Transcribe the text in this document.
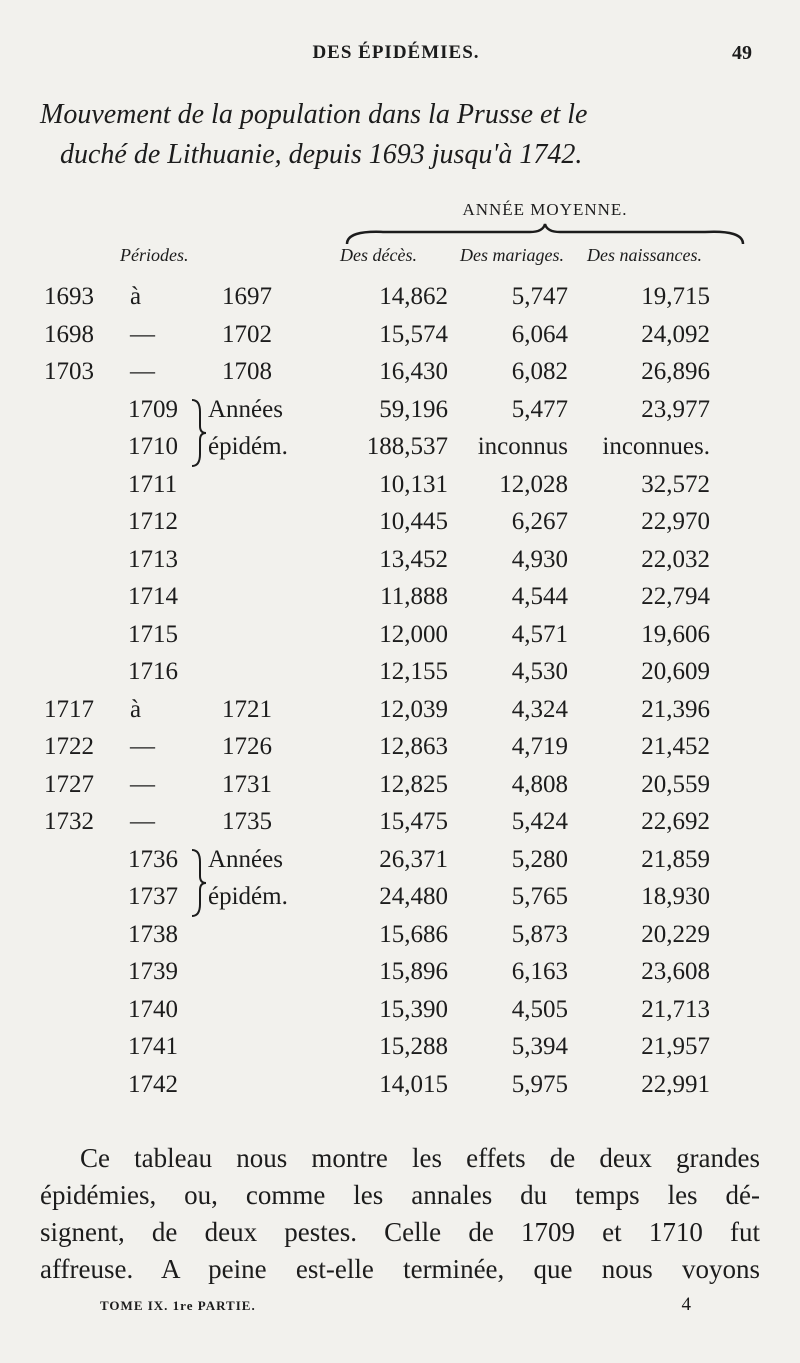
DES ÉPIDÉMIES.	49
Mouvement de la population dans la Prusse et le
duché de Lithuanie, depuis 1693 jusqu'à 1742.
ANNÉE MOYENNE.
Périodes.	Des décès. Des mariages. Des naissances.
1693 à	1697	14,862	5,747	19,715
1698 —	1702	15,574	6,064	24,092
1703 —	1708	16,430	6,082	26,896
1709 Années	59,196	5,477	23,977
1710 épidém.	188,537	inconnus inconnues.
1711	10,131	12,028	32,572
1712	10,445	6,267	22,970
1713	13,452	4,930	22,032
1714	11,888	4,544	22,794
1715	12,000	4,571	19,606
1716	12,155	4,530	20,609
1717 à	1721	12,039	4,324	21,396
1722 —	1726	12,863	4,719	21,452
1727 —	1731	12,825	4,808	20,559
1732 —	1735	15,475	5,424	22,692
1736 Années	26,371	5,280	21,859
1737 épidém.	24,480	5,765	18,930
1738	15,686	5,873	20,229
1739	15,896	6,163	23,608
1740	15,390	4,505	21,713
1741	15,288	5,394	21,957
1742	14,015	5,975	22,991
Ce tableau nous montre les effets de deux grandes
épidémies, ou, comme les annales du temps les dé-
signent, de deux pestes. Celle de 1709 et 1710 fut
affreuse. A peine est-elle terminée, que nous voyons
TOME IX. 1re PARTIE.	4
